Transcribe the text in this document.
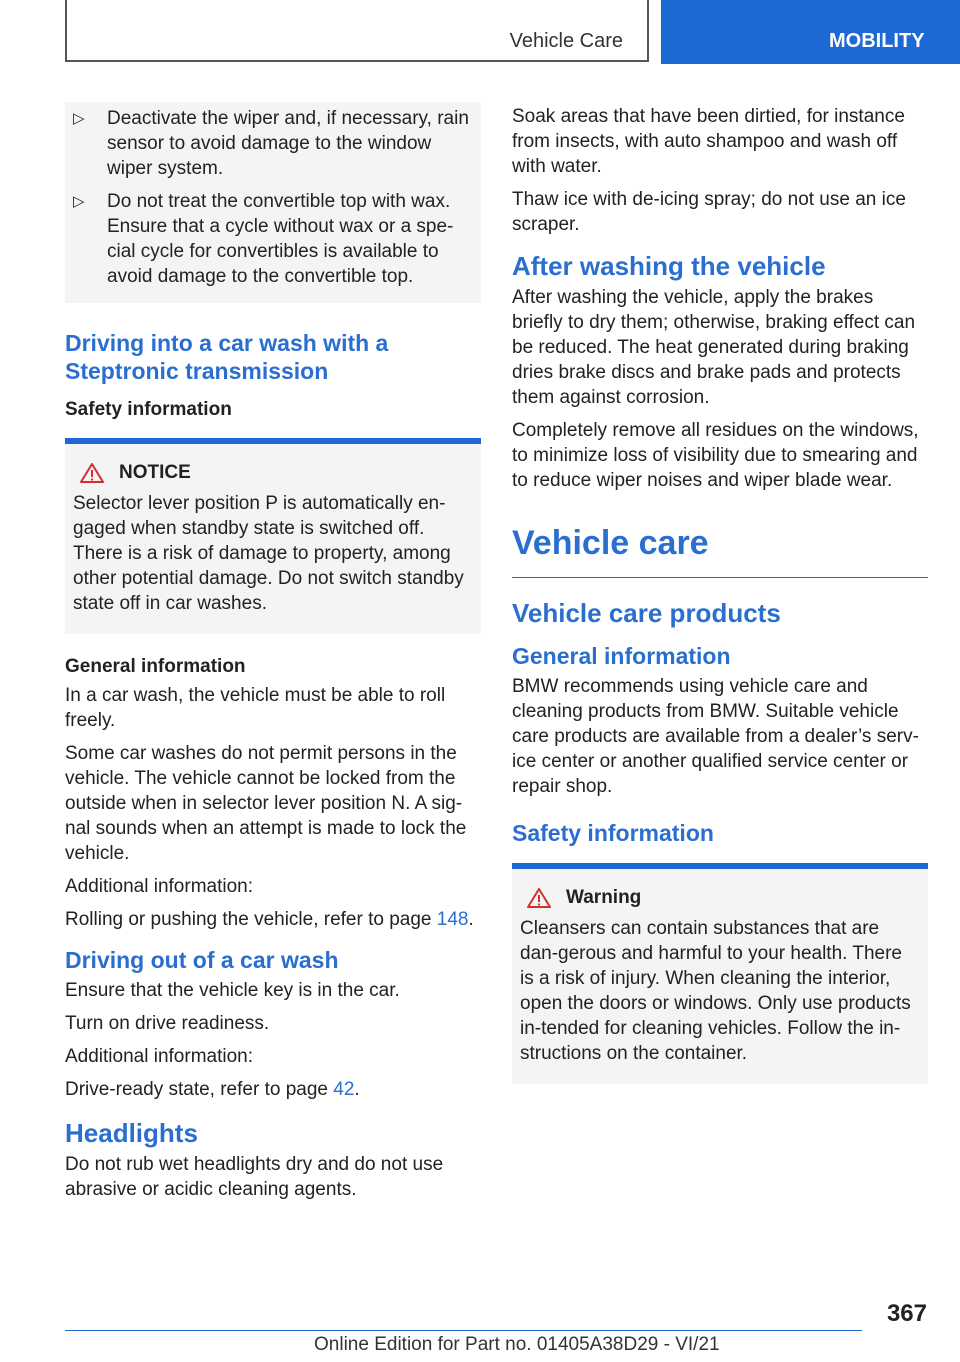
Vehicle Care	MOBILITY
▷	Deactivate the wiper and, if necessary, rain sensor to avoid damage to the window wiper system.
▷	Do not treat the convertible top with wax. Ensure that a cycle without wax or a spe-cial cycle for convertibles is available to avoid damage to the convertible top.
Driving into a car wash with a Steptronic transmission
Safety information
NOTICE

Selector lever position P is automatically en-gaged when standby state is switched off. There is a risk of damage to property, among other potential damage. Do not switch standby state off in car washes.

General information

In a car wash, the vehicle must be able to roll freely.

Some car washes do not permit persons in the vehicle. The vehicle cannot be locked from the outside when in selector lever position N. A sig-nal sounds when an attempt is made to lock the vehicle.

Additional information:

Rolling or pushing the vehicle, refer to page 148.

Driving out of a car wash

Ensure that the vehicle key is in the car.

Turn on drive readiness.

Additional information:

Drive-ready state, refer to page 42.

Headlights

Do not rub wet headlights dry and do not use abrasive or acidic cleaning agents.

Soak areas that have been dirtied, for instance from insects, with auto shampoo and wash off with water.

Thaw ice with de-icing spray; do not use an ice scraper.

After washing the vehicle

After washing the vehicle, apply the brakes briefly to dry them; otherwise, braking effect can be reduced. The heat generated during braking dries brake discs and brake pads and protects them against corrosion.

Completely remove all residues on the windows, to minimize loss of visibility due to smearing and to reduce wiper noises and wiper blade wear.

Vehicle care
Vehicle care products
General information

BMW recommends using vehicle care and cleaning products from BMW. Suitable vehicle care products are available from a dealer’s serv-ice center or another qualified service center or repair shop.

Safety information
Warning

Cleansers can contain substances that are dan-gerous and harmful to your health. There is a risk of injury. When cleaning the interior, open the doors or windows. Only use products in-tended for cleaning vehicles. Follow the in-structions on the container.

367
Online Edition for Part no. 01405A38D29 - VI/21
